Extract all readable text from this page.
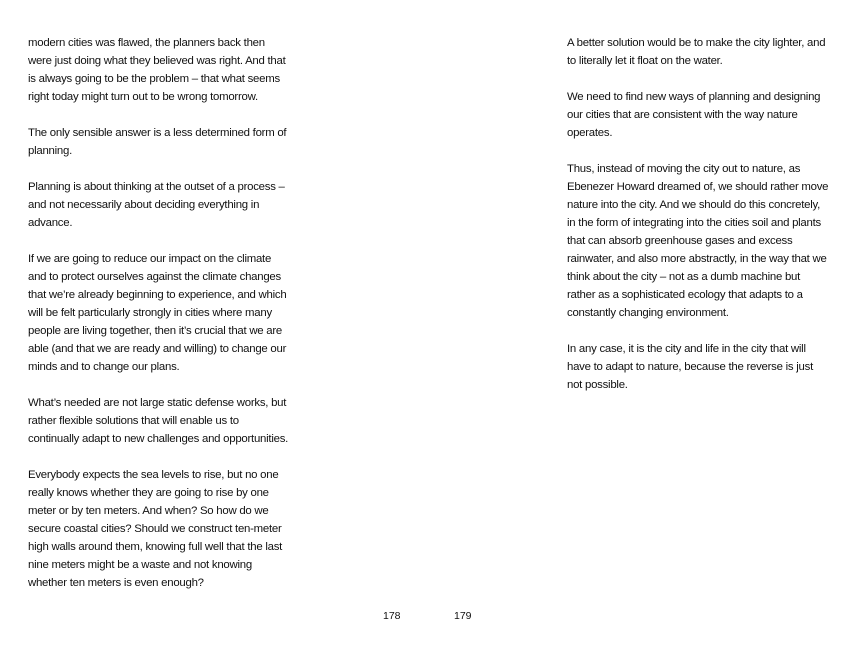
modern cities was flawed, the planners back then were just doing what they believed was right. And that is always going to be the problem – that what seems right today might turn out to be wrong tomorrow.

The only sensible answer is a less determined form of planning.

Planning is about thinking at the outset of a process – and not necessarily about deciding everything in advance.

If we are going to reduce our impact on the climate and to protect ourselves against the climate changes that we’re already beginning to experience, and which will be felt particularly strongly in cities where many people are living together, then it’s crucial that we are able (and that we are ready and willing) to change our minds and to change our plans.

What’s needed are not large static defense works, but rather flexible solutions that will enable us to continually adapt to new challenges and opportunities.

Everybody expects the sea levels to rise, but no one really knows whether they are going to rise by one meter or by ten meters. And when? So how do we secure coastal cities? Should we construct ten-meter high walls around them, knowing full well that the last nine meters might be a waste and not knowing whether ten meters is even enough?

178

A better solution would be to make the city lighter, and to literally let it float on the water.

We need to find new ways of planning and designing our cities that are consistent with the way nature operates.

Thus, instead of moving the city out to nature, as Ebenezer Howard dreamed of, we should rather move nature into the city. And we should do this concretely, in the form of integrating into the cities soil and plants that can absorb greenhouse gases and excess rainwater, and also more abstractly, in the way that we think about the city – not as a dumb machine but rather as a sophisticated ecology that adapts to a constantly changing environment.

In any case, it is the city and life in the city that will have to adapt to nature, because the reverse is just not possible.

179
